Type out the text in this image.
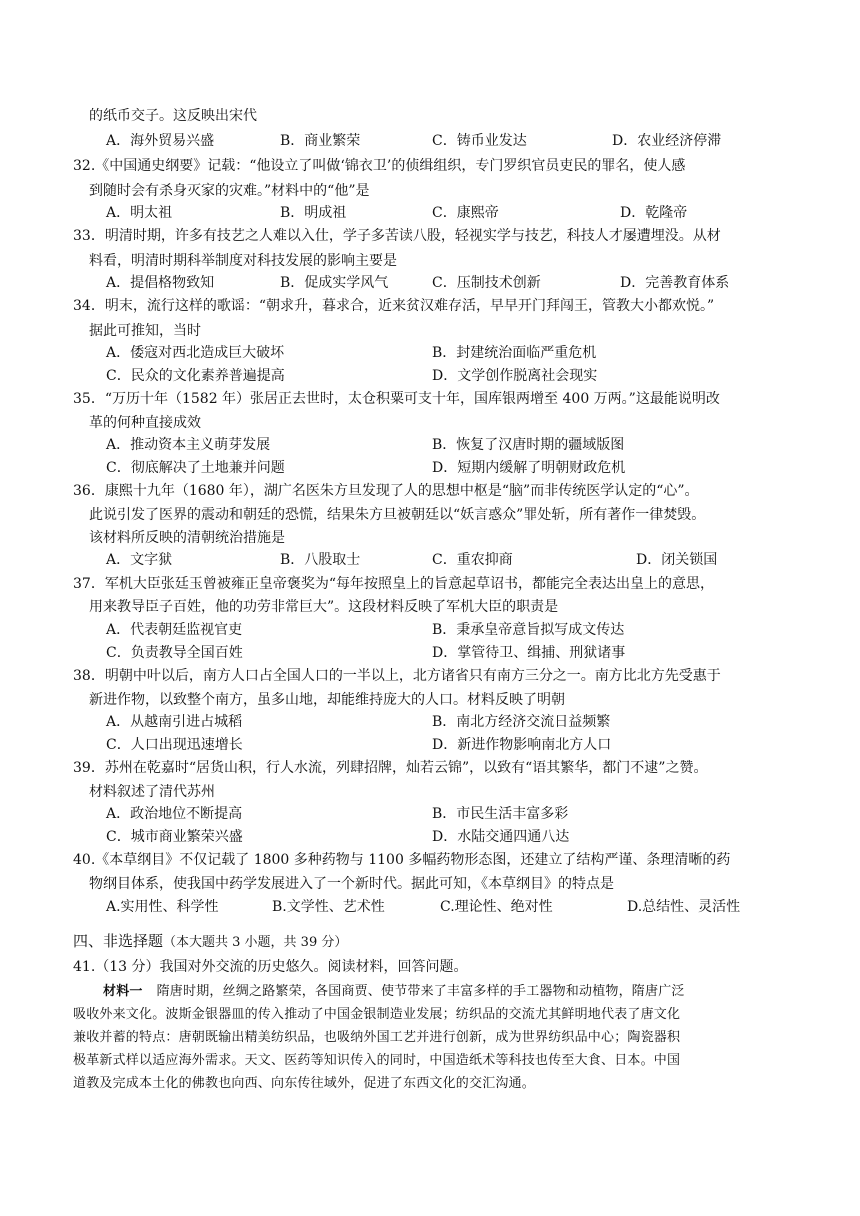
的纸币交子。这反映出宋代
A．海外贸易兴盛	B．商业繁荣	C．铸币业发达	D．农业经济停滞
32.《中国通史纲要》记载：“他设立了叫做‘锦衣卫’的侦缉组织，专门罗织官员吏民的罪名，使人感
到随时会有杀身灭家的灾难。”材料中的“他”是
A．明太祖	B．明成祖	C．康熙帝	D．乾隆帝
33．明清时期，许多有技艺之人难以入仕，学子多苦读八股，轻视实学与技艺，科技人才屡遭埋没。从材
料看，明清时期科举制度对科技发展的影响主要是
A．提倡格物致知	B．促成实学风气	C．压制技术创新	D．完善教育体系
34．明末，流行这样的歌谣：“朝求升，暮求合，近来贫汉难存活，早早开门拜闯王，管教大小都欢悦。”
据此可推知，当时
A．倭寇对西北造成巨大破坏	B．封建统治面临严重危机
C．民众的文化素养普遍提高	D．文学创作脱离社会现实
35．“万历十年（1582 年）张居正去世时，太仓积粟可支十年，国库银两增至 400 万两。”这最能说明改
革的何种直接成效
A．推动资本主义萌芽发展	B．恢复了汉唐时期的疆域版图
C．彻底解决了土地兼并问题	D．短期内缓解了明朝财政危机
36．康熙十九年（1680 年），湖广名医朱方旦发现了人的思想中枢是“脑”而非传统医学认定的“心”。
此说引发了医界的震动和朝廷的恐慌，结果朱方旦被朝廷以“妖言惑众”罪处斩，所有著作一律焚毁。
该材料所反映的清朝统治措施是
A．文字狱	B．八股取士	C．重农抑商	D．闭关锁国
37．军机大臣张廷玉曾被雍正皇帝褒奖为“每年按照皇上的旨意起草诏书，都能完全表达出皇上的意思，
用来教导臣子百姓，他的功劳非常巨大”。这段材料反映了军机大臣的职责是
A．代表朝廷监视官吏	B．秉承皇帝意旨拟写成文传达
C．负责教导全国百姓	D．掌管待卫、缉捕、刑狱诸事
38．明朝中叶以后，南方人口占全国人口的一半以上，北方诸省只有南方三分之一。南方比北方先受惠于
新进作物，以致整个南方，虽多山地，却能维持庞大的人口。材料反映了明朝
A．从越南引进占城稻	B．南北方经济交流日益频繁
C．人口出现迅速增长	D．新进作物影响南北方人口
39．苏州在乾嘉时“居货山积，行人水流，列肆招牌，灿若云锦”，以致有“语其繁华，都门不逮”之赞。
材料叙述了清代苏州
A．政治地位不断提高	B．市民生活丰富多彩
C．城市商业繁荣兴盛	D．水陆交通四通八达
40.《本草纲目》不仅记载了 1800 多种药物与 1100 多幅药物形态图，还建立了结构严谨、条理清晰的药
物纲目体系，使我国中药学发展进入了一个新时代。据此可知，《本草纲目》的特点是
A.实用性、科学性	B.文学性、艺术性	C.理论性、绝对性	D.总结性、灵活性
四、非选择题（本大题共 3 小题，共 39 分）
41.（13 分）我国对外交流的历史悠久。阅读材料，回答问题。
材料一 隋唐时期，丝绸之路繁荣，各国商贾、使节带来了丰富多样的手工器物和动植物，隋唐广泛
吸收外来文化。波斯金银器皿的传入推动了中国金银制造业发展；纺织品的交流尤其鲜明地代表了唐文化
兼收并蓄的特点：唐朝既输出精美纺织品，也吸纳外国工艺并进行创新，成为世界纺织品中心；陶瓷器积
极革新式样以适应海外需求。天文、医药等知识传入的同时，中国造纸术等科技也传至大食、日本。中国
道教及完成本土化的佛教也向西、向东传往域外，促进了东西文化的交汇沟通。
